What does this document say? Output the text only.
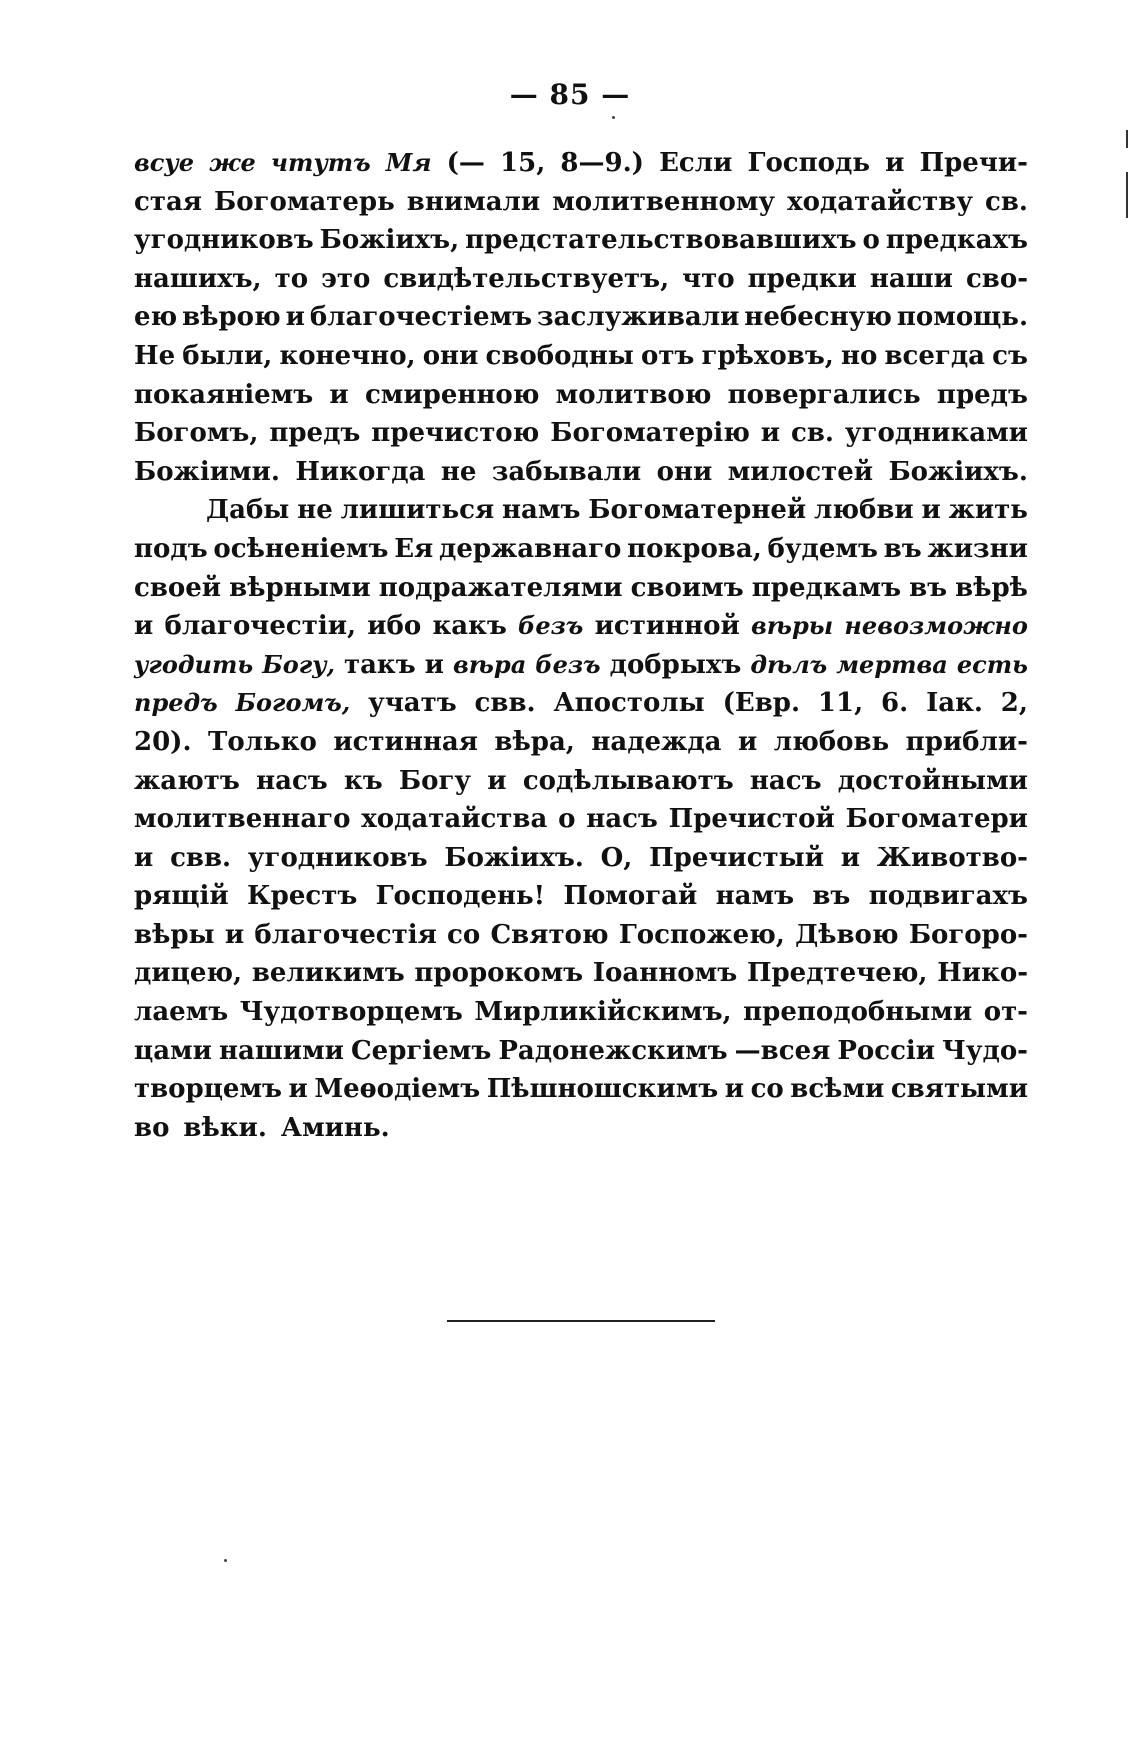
— 85 —
всуе же чтутъ Мя (— 15, 8—9.) Если Господь и Пречи-
стая Богоматерь внимали молитвенному ходатайству св.
угодниковъ Божіихъ, предстательствовавшихъ о предкахъ
нашихъ, то это свидѣтельствуетъ, что предки наши сво-
ею вѣрою и благочестіемъ заслуживали небесную помощь.
Не были, конечно, они свободны отъ грѣховъ, но всегда съ
покаяніемъ и смиренною молитвою повергались предъ
Богомъ, предъ пречистою Богоматерію и св. угодниками
Божіими. Никогда не забывали они милостей Божіихъ.
Дабы не лишиться намъ Богоматерней любви и жить
подъ осѣненіемъ Ея державнаго покрова, будемъ въ жизни
своей вѣрными подражателями своимъ предкамъ въ вѣрѣ
и благочестіи, ибо какъ безъ истинной вѣры невозможно
угодить Богу, такъ и вѣра безъ добрыхъ дѣлъ мертва есть
предъ Богомъ, учатъ свв. Апостолы (Евр. 11, 6. Іак. 2,
20). Только истинная вѣра, надежда и любовь прибли-
жаютъ насъ къ Богу и содѣлываютъ насъ достойными
молитвеннаго ходатайства о насъ Пречистой Богоматери
и свв. угодниковъ Божіихъ. О, Пречистый и Животво-
рящій Крестъ Господень! Помогай намъ въ подвигахъ
вѣры и благочестія со Святою Госпожею, Дѣвою Богоро-
дицею, великимъ пророкомъ Іоанномъ Предтечею, Нико-
лаемъ Чудотворцемъ Мирликійскимъ, преподобными от-
цами нашими Сергіемъ Радонежскимъ —всея Россіи Чудо-
творцемъ и Меѳодіемъ Пѣшношскимъ и со всѣми святыми
во вѣки. Аминь.
